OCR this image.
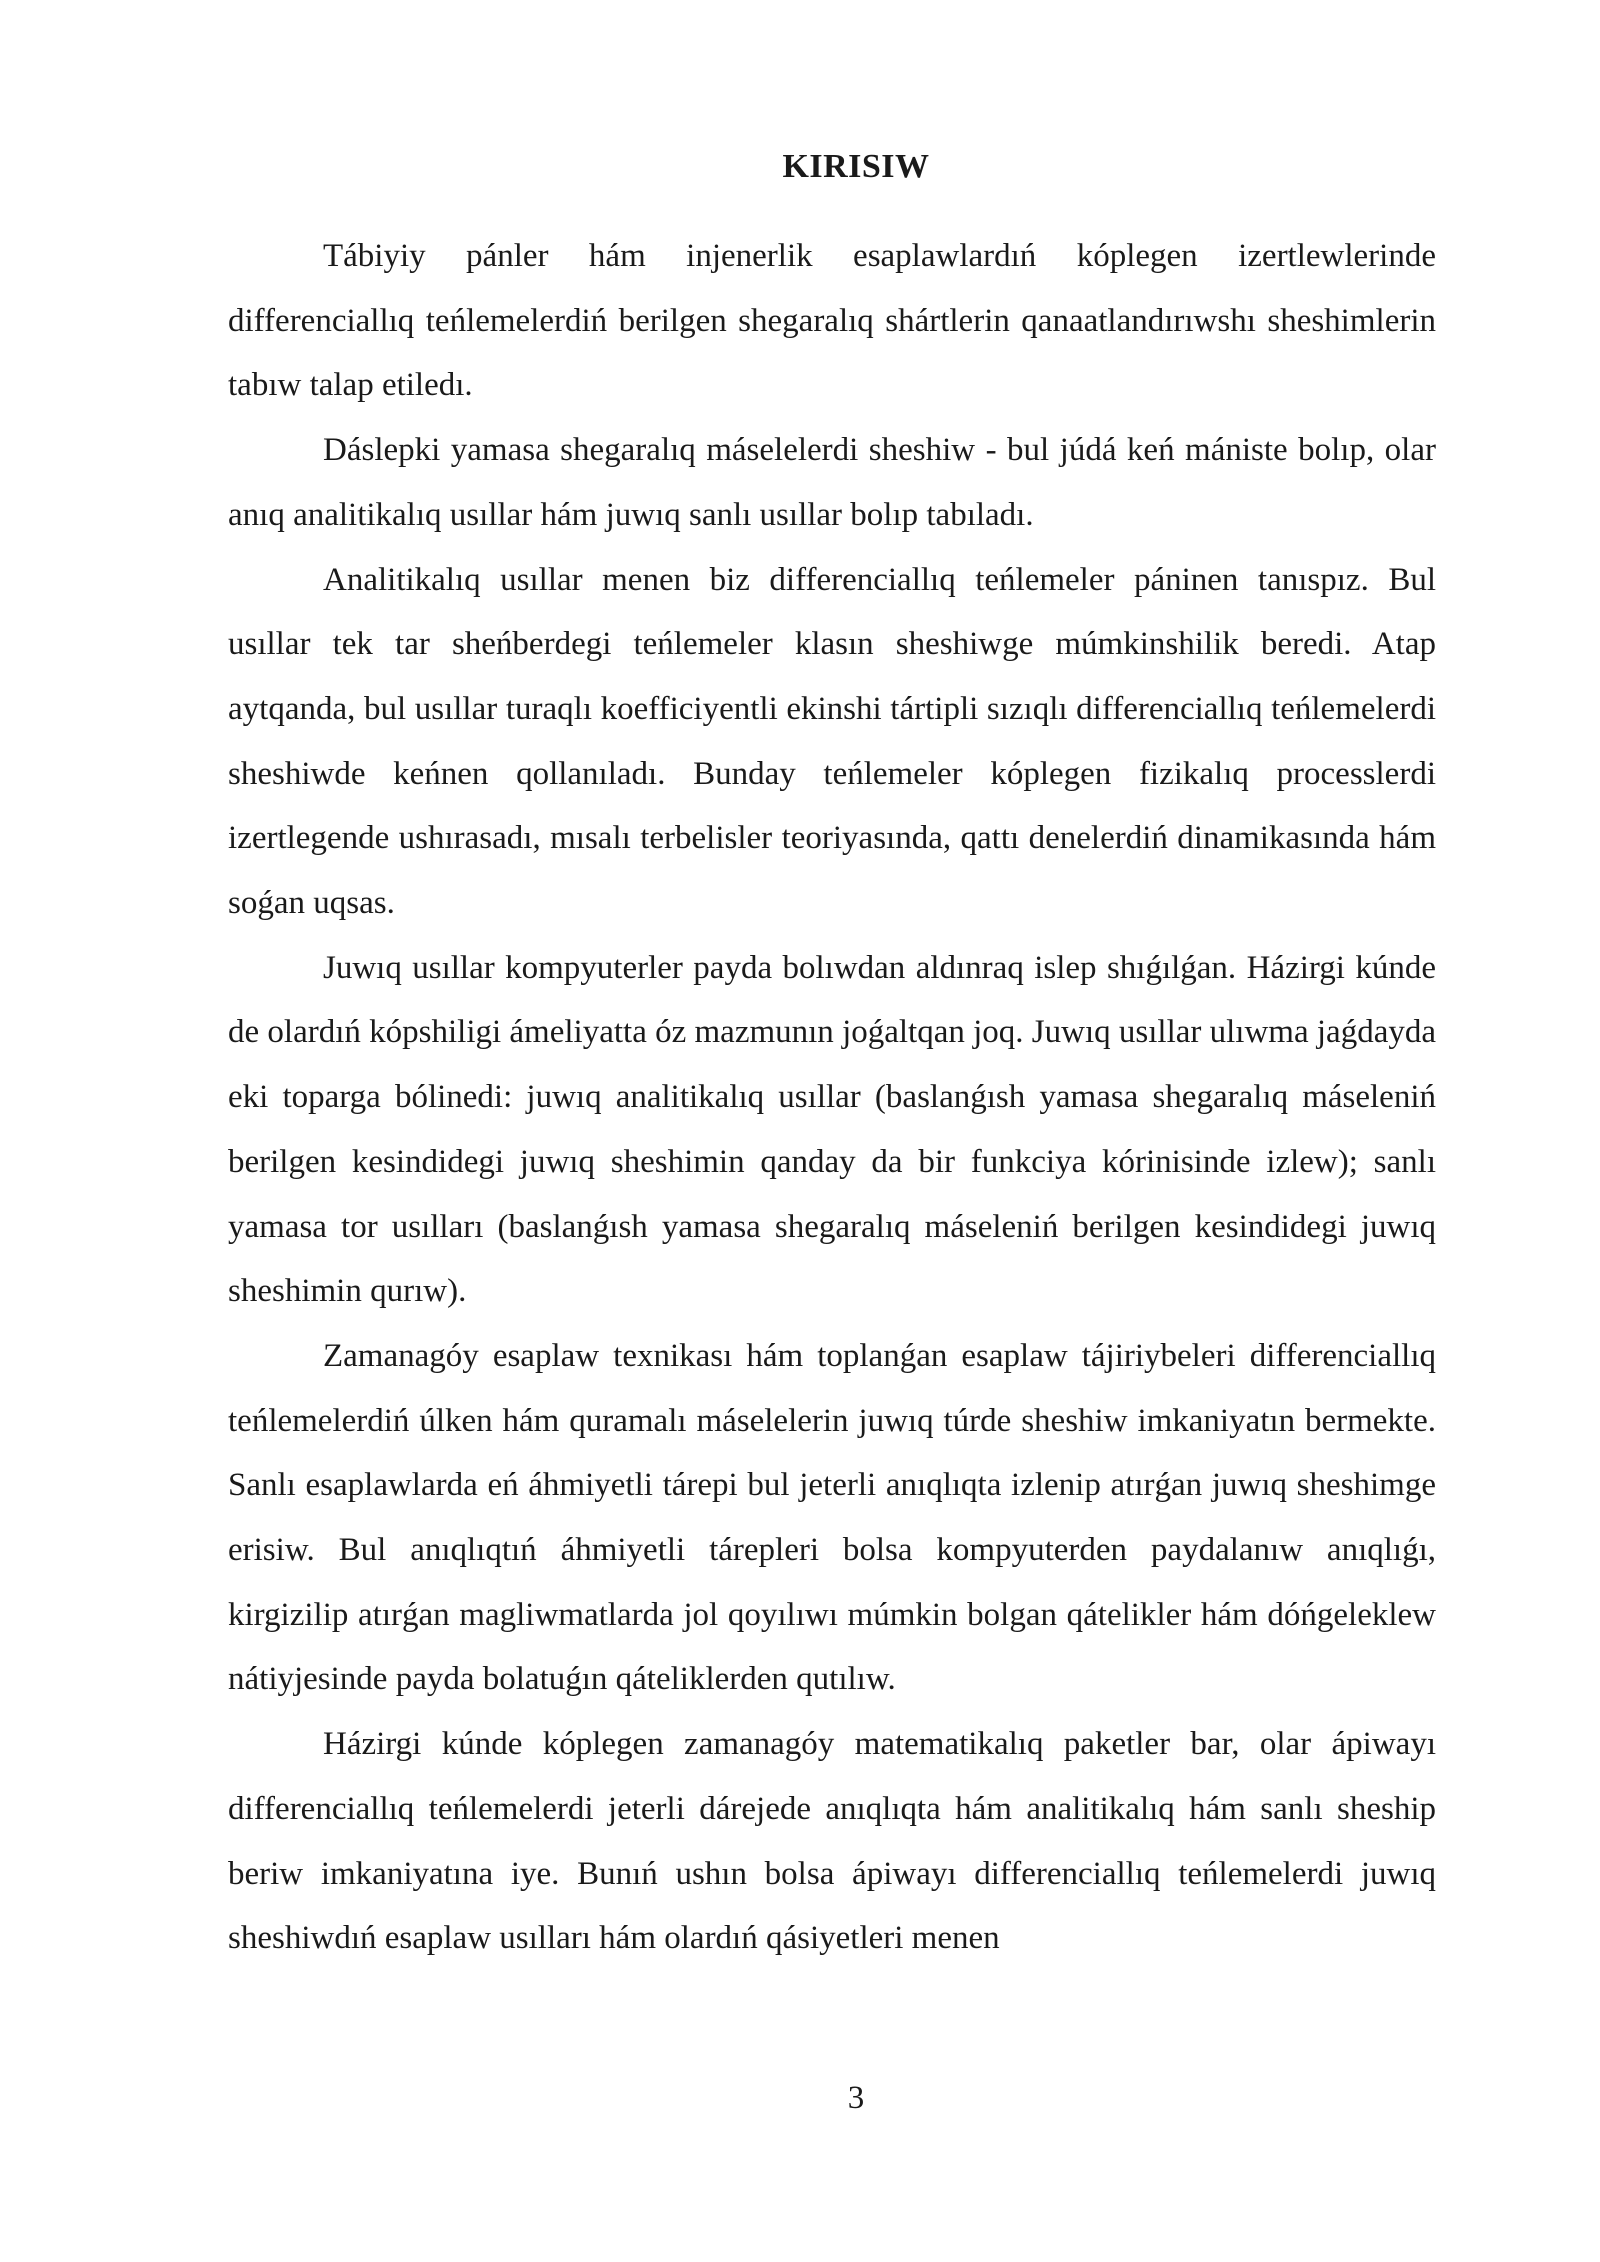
KIRISIW

Tábiyiy pánler hám injenerlik esaplawlardıń kóplegen izertlewlerinde differenciallıq teńlemelerdiń berilgen shegaralıq shártlerin qanaatlandırıwshı sheshimlerin tabıw talap etiledı.

Dáslepki yamasa shegaralıq máselelerdi sheshiw - bul júdá keń mániste bolıp, olar anıq analitikalıq usıllar hám juwıq sanlı usıllar bolıp tabıladı.

Analitikalıq usıllar menen biz differenciallıq teńlemeler páninen tanıspız. Bul usıllar tek tar sheńberdegi teńlemeler klasın sheshiwge múmkinshilik beredi. Atap aytqanda, bul usıllar turaqlı koefficiyentli ekinshi tártipli sızıqlı differenciallıq teńlemelerdi sheshiwde keńnen qollanıladı. Bunday teńlemeler kóplegen fizikalıq processlerdi izertlegende ushırasadı, mısalı terbelisler teoriyasında, qattı denelerdiń dinamikasında hám soǵan uqsas.

Juwıq usıllar kompyuterler payda bolıwdan aldınraq islep shıǵılǵan. Házirgi kúnde de olardıń kópshiligi ámeliyatta óz mazmunın joǵaltqan joq. Juwıq usıllar ulıwma jaǵdayda eki toparga bólinedi: juwıq analitikalıq usıllar (baslanǵısh yamasa shegaralıq máseleniń berilgen kesindidegi juwıq sheshimin qanday da bir funkciya kórinisinde izlew); sanlı yamasa tor usılları (baslanǵısh yamasa shegaralıq máseleniń berilgen kesindidegi juwıq sheshimin qurıw).

Zamanagóy esaplaw texnikası hám toplanǵan esaplaw tájiriybeleri differenciallıq teńlemelerdiń úlken hám quramalı máselelerin juwıq túrde sheshiw imkaniyatın bermekte. Sanlı esaplawlarda eń áhmiyetli tárepi bul jeterli anıqlıqta izlenip atırǵan juwıq sheshimge erisiw. Bul anıqlıqtıń áhmiyetli tárepleri bolsa kompyuterden paydalanıw anıqlıǵı, kirgizilip atırǵan magliwmatlarda jol qoyılıwı múmkin bolgan qátelikler hám dóńgeleklew nátiyjesinde payda bolatuǵın qáteliklerden qutılıw.

Házirgi kúnde kóplegen zamanagóy matematikalıq paketler bar, olar ápiwayı differenciallıq teńlemelerdi jeterli dárejede anıqlıqta hám analitikalıq hám sanlı sheship beriw imkaniyatına iye. Bunıń ushın bolsa ápiwayı differenciallıq teńlemelerdi juwıq sheshiwdıń esaplaw usılları hám olardıń qásiyetleri menen

3
